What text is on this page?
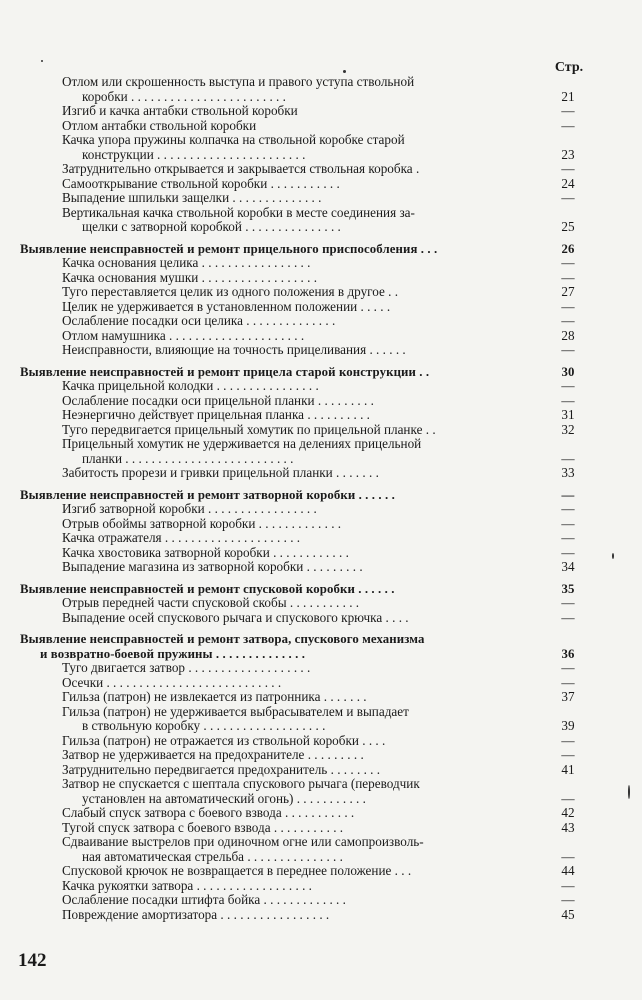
Стр.
Отлом или скрошенность выступа и правого уступа ствольной
коробки . . . . . . . . . . . . . . . . . . . . . . . .	21
Изгиб и качка антабки ствольной коробки	—
Отлом антабки ствольной коробки	—
Качка упора пружины колпачка на ствольной коробке старой
конструкции . . . . . . . . . . . . . . . . . . . . . . .	23
Затруднительно открывается и закрывается ствольная коробка .	—
Самооткрывание ствольной коробки . . . . . . . . . . .	24
Выпадение шпильки защелки . . . . . . . . . . . . . .	—
Вертикальная качка ствольной коробки в месте соединения за-
щелки с затворной коробкой . . . . . . . . . . . . . . .	25
Выявление неисправностей и ремонт прицельного приспособления . . .	26
Качка основания целика . . . . . . . . . . . . . . . . .	—
Качка основания мушки . . . . . . . . . . . . . . . . . .	—
Туго переставляется целик из одного положения в другое . .	27
Целик не удерживается в установленном положении . . . . .	—
Ослабление посадки оси целика . . . . . . . . . . . . . .	—
Отлом намушника . . . . . . . . . . . . . . . . . . . . .	28
Неисправности, влияющие на точность прицеливания . . . . . .	—
Выявление неисправностей и ремонт прицела старой конструкции . .	30
Качка прицельной колодки . . . . . . . . . . . . . . . .	—
Ослабление посадки оси прицельной планки . . . . . . . . .	—
Неэнергично действует прицельная планка . . . . . . . . . .	31
Туго передвигается прицельный хомутик по прицельной планке . .	32
Прицельный хомутик не удерживается на делениях прицельной
планки . . . . . . . . . . . . . . . . . . . . . . . . . .	—
Забитость прорези и гривки прицельной планки . . . . . . .	33
Выявление неисправностей и ремонт затворной коробки . . . . . .	—
Изгиб затворной коробки . . . . . . . . . . . . . . . . .	—
Отрыв обоймы затворной коробки . . . . . . . . . . . . .	—
Качка отражателя . . . . . . . . . . . . . . . . . . . . .	—
Качка хвостовика затворной коробки . . . . . . . . . . . .	—
Выпадение магазина из затворной коробки . . . . . . . . .	34
Выявление неисправностей и ремонт спусковой коробки . . . . . .	35
Отрыв передней части спусковой скобы . . . . . . . . . . .	—
Выпадение осей спускового рычага и спускового крючка . . . .	—
Выявление неисправностей и ремонт затвора, спускового механизма
и возвратно-боевой пружины . . . . . . . . . . . . . .	36
Туго двигается затвор . . . . . . . . . . . . . . . . . . .	—
Осечки . . . . . . . . . . . . . . . . . . . . . . . . . . .	—
Гильза (патрон) не извлекается из патронника . . . . . . .	37
Гильза (патрон) не удерживается выбрасывателем и выпадает
в ствольную коробку . . . . . . . . . . . . . . . . . . .	39
Гильза (патрон) не отражается из ствольной коробки . . . .	—
Затвор не удерживается на предохранителе . . . . . . . . .	—
Затруднительно передвигается предохранитель . . . . . . . .	41
Затвор не спускается с шептала спускового рычага (переводчик
установлен на автоматический огонь) . . . . . . . . . . .	—
Слабый спуск затвора с боевого взвода . . . . . . . . . . .	42
Тугой спуск затвора с боевого взвода . . . . . . . . . . .	43
Сдваивание выстрелов при одиночном огне или самопроизволь-
ная автоматическая стрельба . . . . . . . . . . . . . . .	—
Спусковой крючок не возвращается в переднее положение . . .	44
Качка рукоятки затвора . . . . . . . . . . . . . . . . . .	—
Ослабление посадки штифта бойка . . . . . . . . . . . . .	—
Повреждение амортизатора . . . . . . . . . . . . . . . . .	45
142
